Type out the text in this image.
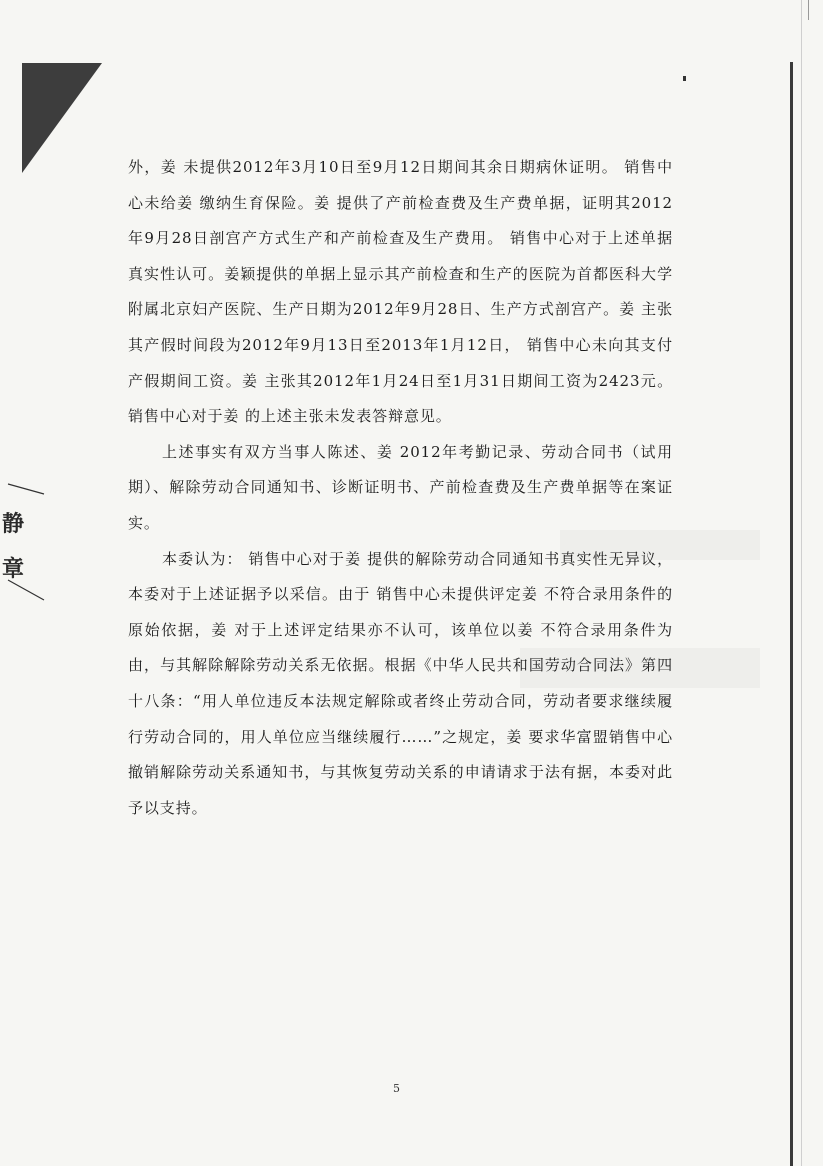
静
章

外，姜 未提供2012年3月10日至9月12日期间其余日期病休证明。 销售中心未给姜 缴纳生育保险。姜 提供了产前检查费及生产费单据，证明其2012年9月28日剖宫产方式生产和产前检查及生产费用。 销售中心对于上述单据真实性认可。姜颖提供的单据上显示其产前检查和生产的医院为首都医科大学附属北京妇产医院、生产日期为2012年9月28日、生产方式剖宫产。姜 主张其产假时间段为2012年9月13日至2013年1月12日， 销售中心未向其支付产假期间工资。姜 主张其2012年1月24日至1月31日期间工资为2423元。 销售中心对于姜 的上述主张未发表答辩意见。

上述事实有双方当事人陈述、姜 2012年考勤记录、劳动合同书（试用期）、解除劳动合同通知书、诊断证明书、产前检查费及生产费单据等在案证实。

本委认为： 销售中心对于姜 提供的解除劳动合同通知书真实性无异议，本委对于上述证据予以采信。由于 销售中心未提供评定姜 不符合录用条件的原始依据，姜 对于上述评定结果亦不认可，该单位以姜 不符合录用条件为由，与其解除解除劳动关系无依据。根据《中华人民共和国劳动合同法》第四十八条：“用人单位违反本法规定解除或者终止劳动合同，劳动者要求继续履行劳动合同的，用人单位应当继续履行……”之规定，姜 要求华富盟销售中心撤销解除劳动关系通知书，与其恢复劳动关系的申请请求于法有据，本委对此予以支持。

5
